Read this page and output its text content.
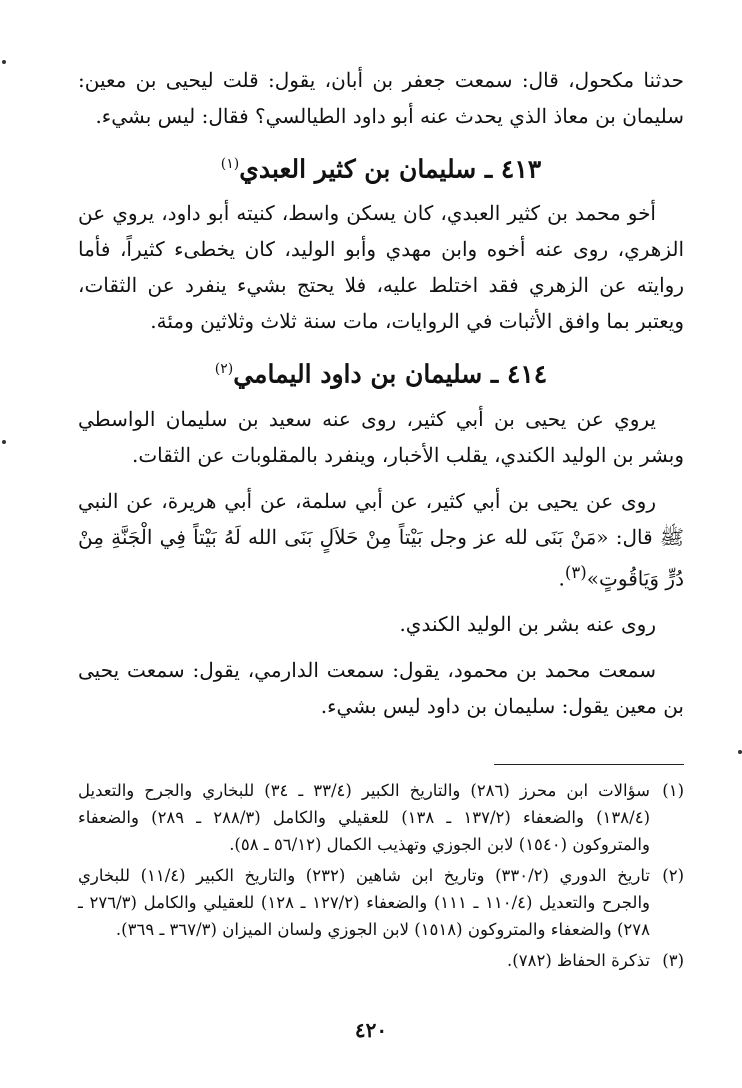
حدثنا مكحول، قال: سمعت جعفر بن أبان، يقول: قلت ليحيى بن معين: سليمان بن معاذ الذي يحدث عنه أبو داود الطيالسي؟ فقال: ليس بشيء.

٤١٣ ـ سليمان بن كثير العبدي$^{(١)}$

أخو محمد بن كثير العبدي، كان يسكن واسط، كنيته أبو داود، يروي عن الزهري، روى عنه أخوه وابن مهدي وأبو الوليد، كان يخطىء كثيراً، فأما روايته عن الزهري فقد اختلط عليه، فلا يحتج بشيء ينفرد عن الثقات، ويعتبر بما وافق الأثبات في الروايات، مات سنة ثلاث وثلاثين ومئة.

٤١٤ ـ سليمان بن داود اليمامي$^{(٢)}$

يروي عن يحيى بن أبي كثير، روى عنه سعيد بن سليمان الواسطي وبشر بن الوليد الكندي، يقلب الأخبار، وينفرد بالمقلوبات عن الثقات.

روى عن يحيى بن أبي كثير، عن أبي سلمة، عن أبي هريرة، عن النبي ﷺ قال: «مَنْ بَنَى لله عز وجل بَيْتاً مِنْ حَلاَلٍ بَنَى الله لَهُ بَيْتاً فِي الْجَنَّةِ مِنْ دُرٍّ وَيَاقُوتٍ»$^{(٣)}$.

روى عنه بشر بن الوليد الكندي.

سمعت محمد بن محمود، يقول: سمعت الدارمي، يقول: سمعت يحيى بن معين يقول: سليمان بن داود ليس بشيء.

(١)
سؤالات ابن محرز (٢٨٦) والتاريخ الكبير (٣٣/٤ ـ ٣٤) للبخاري والجرح والتعديل (١٣٨/٤) والضعفاء (١٣٧/٢ ـ ١٣٨) للعقيلي والكامل (٢٨٨/٣ ـ ٢٨٩) والضعفاء والمتروكون (١٥٤٠) لابن الجوزي وتهذيب الكمال (٥٦/١٢ ـ ٥٨).
(٢)
تاريخ الدوري (٣٣٠/٢) وتاريخ ابن شاهين (٢٣٢) والتاريخ الكبير (١١/٤) للبخاري والجرح والتعديل (١١٠/٤ ـ ١١١) والضعفاء (١٢٧/٢ ـ ١٢٨) للعقيلي والكامل (٢٧٦/٣ ـ ٢٧٨) والضعفاء والمتروكون (١٥١٨) لابن الجوزي ولسان الميزان (٣٦٧/٣ ـ ٣٦٩).
(٣)
تذكرة الحفاظ (٧٨٢).
٤٢٠
